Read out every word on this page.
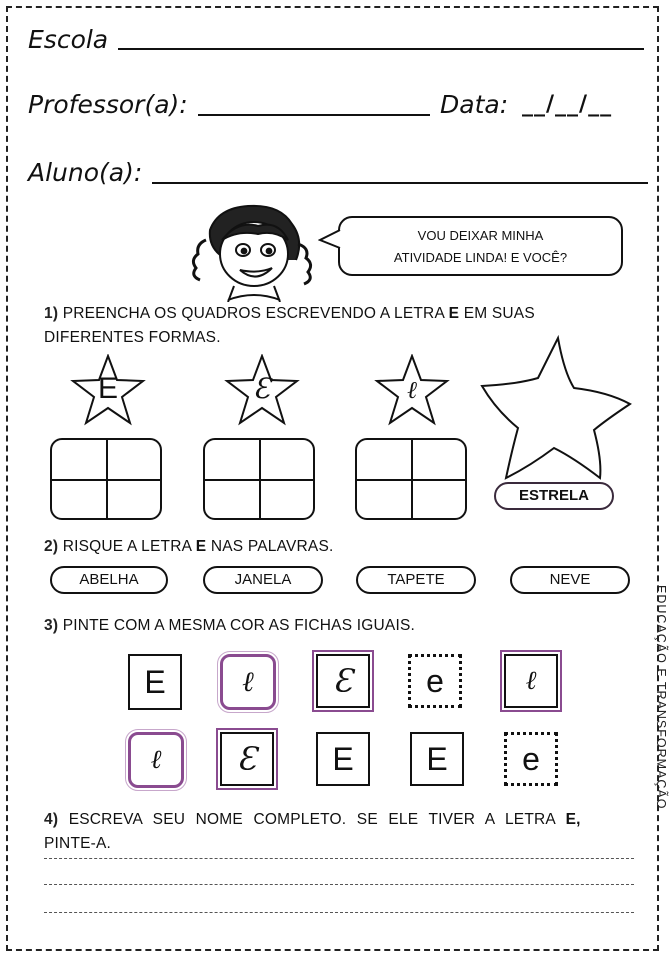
Escola
Professor(a):	Data: __/__/__
Aluno(a):
VOU DEIXAR MINHA
ATIVIDADE LINDA! E VOCÊ?
1) PREENCHA OS QUADROS ESCREVENDO A LETRA E EM SUAS DIFERENTES FORMAS.
E	Ɛ	ℓ
ESTRELA
2) RISQUE A LETRA E NAS PALAVRAS.
ABELHA	JANELA	TAPETE	NEVE
3) PINTE COM A MESMA COR AS FICHAS IGUAIS.
E	ℓ Ɛ e	ℓ
ℓ Ɛ E E e
4) ESCREVA SEU NOME COMPLETO. SE ELE TIVER A LETRA E, PINTE-A.
EDUCAÇÃO E TRANSFORMAÇÃO
